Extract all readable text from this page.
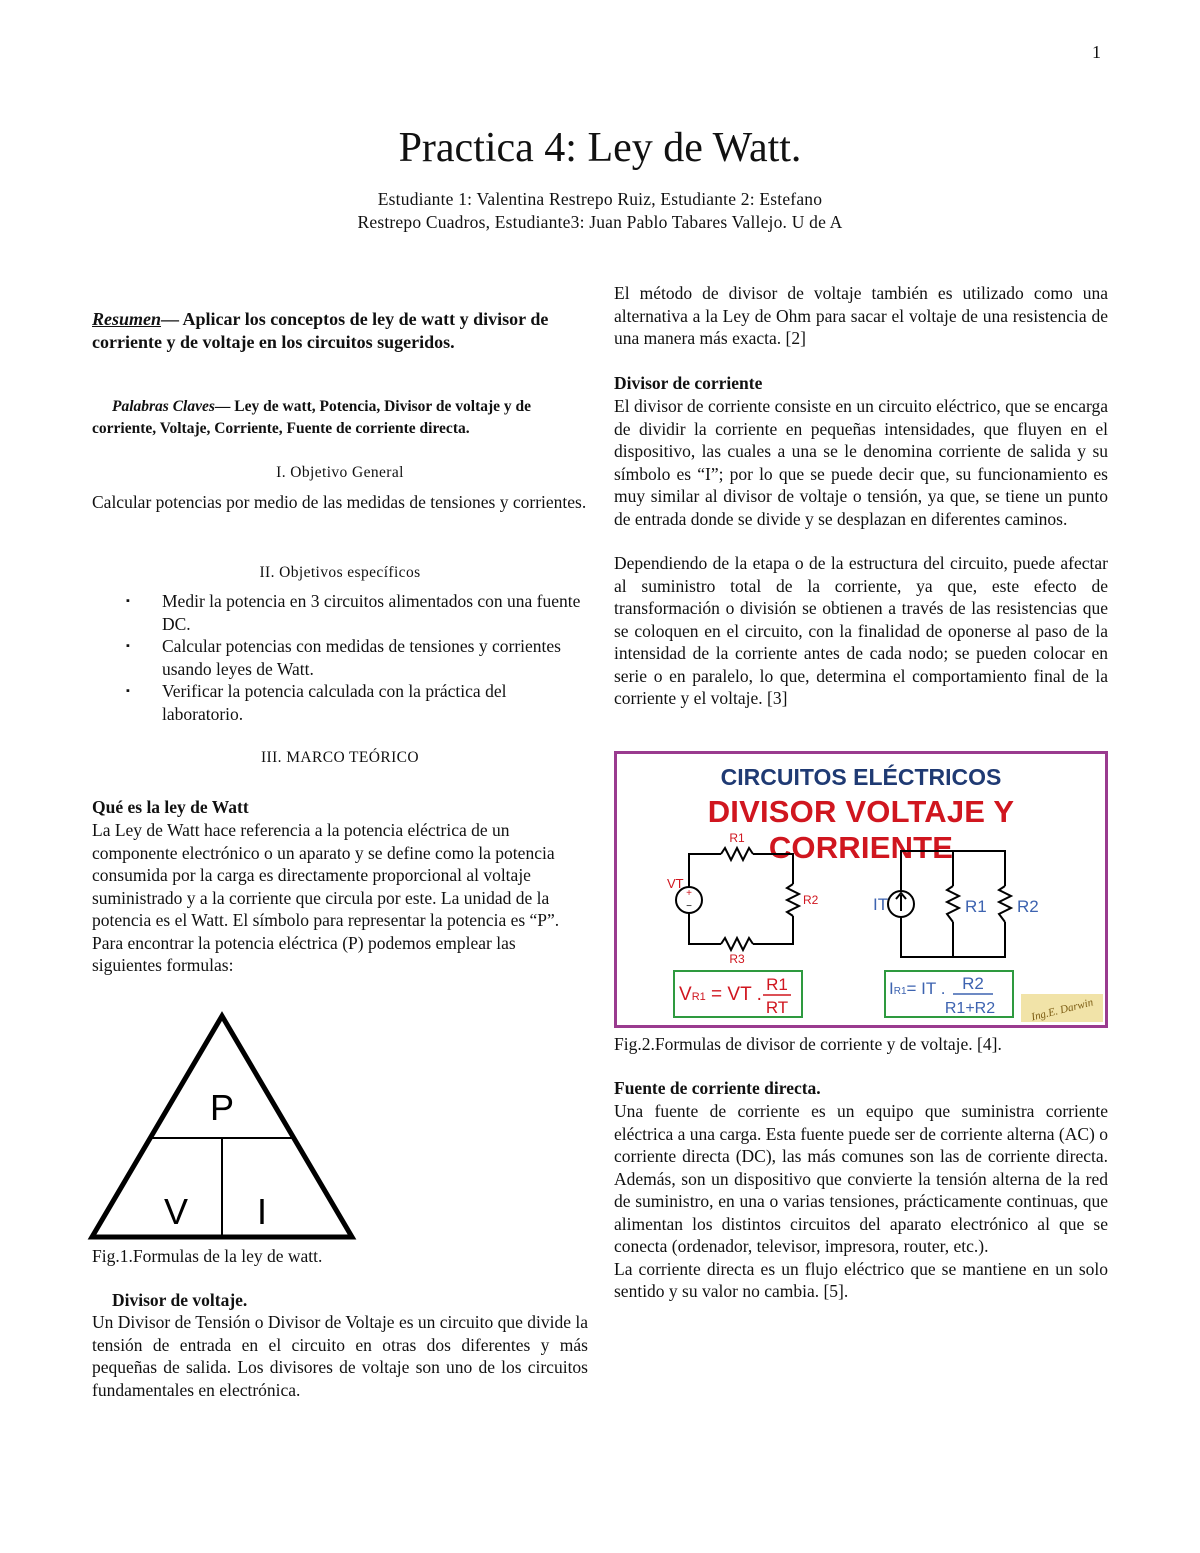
1
Practica 4: Ley de Watt.
Estudiante 1: Valentina Restrepo Ruiz, Estudiante 2: Estefano
Restrepo Cuadros, Estudiante3: Juan Pablo Tabares Vallejo. U de A
Resumen— Aplicar los conceptos de ley de watt y divisor de corriente y de voltaje en los circuitos sugeridos.
Palabras Claves— Ley de watt, Potencia, Divisor de voltaje y de corriente, Voltaje, Corriente, Fuente de corriente directa.
I. Objetivo General
Calcular potencias por medio de las medidas de tensiones y corrientes.
II. Objetivos específicos
▪ Medir la potencia en 3 circuitos alimentados con una fuente DC.
▪ Calcular potencias con medidas de tensiones y corrientes usando leyes de Watt.
▪ Verificar la potencia calculada con la práctica del laboratorio.
III. MARCO TEÓRICO
Qué es la ley de Watt

La Ley de Watt hace referencia a la potencia eléctrica de un componente electrónico o un aparato y se define como la potencia consumida por la carga es directamente proporcional al voltaje suministrado y a la corriente que circula por este. La unidad de la potencia es el Watt. El símbolo para representar la potencia es “P”.

Para encontrar la potencia eléctrica (P) podemos emplear las siguientes formulas:

P
V I
Fig.1.Formulas de la ley de watt.
Divisor de voltaje.
Un Divisor de Tensión o Divisor de Voltaje es un circuito que divide la tensión de entrada en el circuito en otras dos diferentes y más pequeñas de salida. Los divisores de voltaje son uno de los circuitos fundamentales en electrónica.
El método de divisor de voltaje también es utilizado como una alternativa a la Ley de Ohm para sacar el voltaje de una resistencia de una manera más exacta. [2]
Divisor de corriente

El divisor de corriente consiste en un circuito eléctrico, que se encarga de dividir la corriente en pequeñas intensidades, que fluyen en el dispositivo, las cuales a una se le denomina corriente de salida y su símbolo es “I”; por lo que se puede decir que, su funcionamiento es muy similar al divisor de voltaje o tensión, ya que, se tiene un punto de entrada donde se divide y se desplazan en diferentes caminos.

Dependiendo de la etapa o de la estructura del circuito, puede afectar al suministro total de la corriente, ya que, este efecto de transformación o división se obtienen a través de las resistencias que se coloquen en el circuito, con la finalidad de oponerse al paso de la intensidad de la corriente antes de cada nodo; se pueden colocar en serie o en paralelo, lo que, determina el comportamiento final de la corriente y el voltaje. [3]

CIRCUITOS ELÉCTRICOS
DIVISOR VOLTAJE Y CORRIENTE
+
−
R1
R2
R3
VT
IT	R1 R2
VR1 = VT . R1
RT
IR1= IT . R2
R1+R2	Ing.E. Darwin
Fig.2.Formulas de divisor de corriente y de voltaje. [4].
Fuente de corriente directa.

Una fuente de corriente es un equipo que suministra corriente eléctrica a una carga. Esta fuente puede ser de corriente alterna (AC) o corriente directa (DC), las más comunes son las de corriente directa. Además, son un dispositivo que convierte la tensión alterna de la red de suministro, en una o varias tensiones, prácticamente continuas, que alimentan los distintos circuitos del aparato electrónico al que se conecta (ordenador, televisor, impresora, router, etc.).

La corriente directa es un flujo eléctrico que se mantiene en un solo sentido y su valor no cambia. [5].
